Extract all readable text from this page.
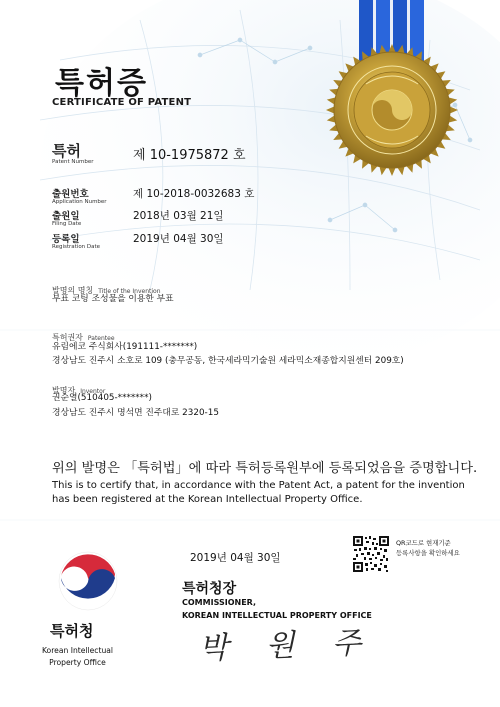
특허증
CERTIFICATE OF PATENT
특허
Patent Number	제 10-1975872 호
출원번호
Application Number
제 10-2018-0032683 호
출원일
Filing Date
2018년 03월 21일
등록일
Registration Date
2019년 04월 30일
발명의 명칭 Title of the Invention
부표 코팅 조성물을 이용한 부표
특허권자 Patentee
유림에코 주식회사(191111-*******)
경상남도 진주시 소호로 109 (충무공동, 한국세라믹기술원 세라믹소재종합지원센터 209호)
발명자 Inventor
권순열(510405-*******)
경상남도 진주시 명석면 진주대로 2320-15
위의 발명은 「특허법」에 따라 특허등록원부에 등록되었음을 증명합니다.
This is to certify that, in accordance with the Patent Act, a patent for the invention
has been registered at the Korean Intellectual Property Office.
2019년 04월 30일
QR코드로 현재기준
등록사항을 확인하세요
특허청
Korean Intellectual
Property Office
특허청장
COMMISSIONER,
KOREAN INTELLECTUAL PROPERTY OFFICE
박 원 주
